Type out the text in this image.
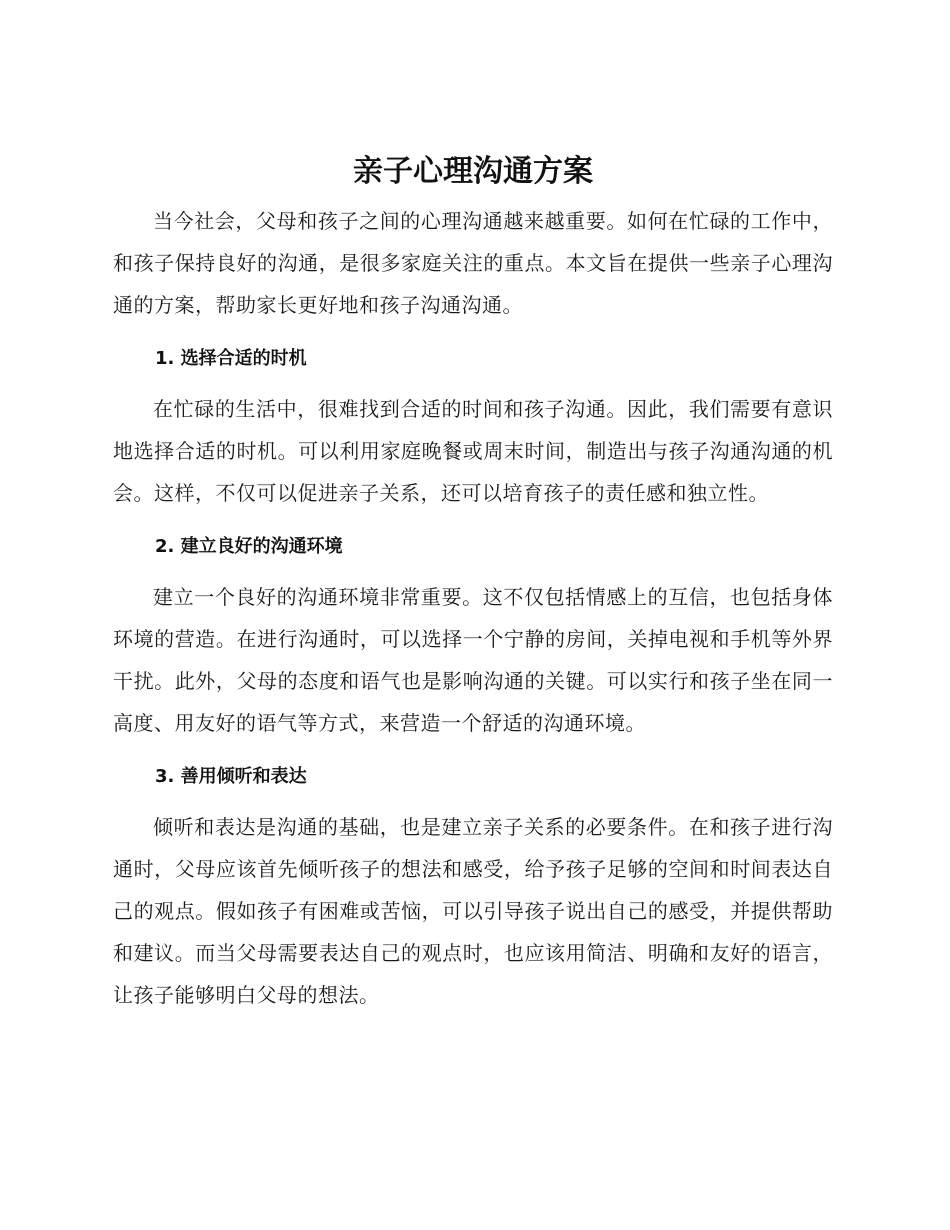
亲子心理沟通方案

当今社会，父母和孩子之间的心理沟通越来越重要。如何在忙碌的工作中，和孩子保持良好的沟通，是很多家庭关注的重点。本文旨在提供一些亲子心理沟通的方案，帮助家长更好地和孩子沟通沟通。

1. 选择合适的时机

在忙碌的生活中，很难找到合适的时间和孩子沟通。因此，我们需要有意识地选择合适的时机。可以利用家庭晚餐或周末时间，制造出与孩子沟通沟通的机会。这样，不仅可以促进亲子关系，还可以培育孩子的责任感和独立性。

2. 建立良好的沟通环境

建立一个良好的沟通环境非常重要。这不仅包括情感上的互信，也包括身体环境的营造。在进行沟通时，可以选择一个宁静的房间，关掉电视和手机等外界干扰。此外，父母的态度和语气也是影响沟通的关键。可以实行和孩子坐在同一高度、用友好的语气等方式，来营造一个舒适的沟通环境。

3. 善用倾听和表达

倾听和表达是沟通的基础，也是建立亲子关系的必要条件。在和孩子进行沟通时，父母应该首先倾听孩子的想法和感受，给予孩子足够的空间和时间表达自己的观点。假如孩子有困难或苦恼，可以引导孩子说出自己的感受，并提供帮助和建议。而当父母需要表达自己的观点时，也应该用简洁、明确和友好的语言，让孩子能够明白父母的想法。
